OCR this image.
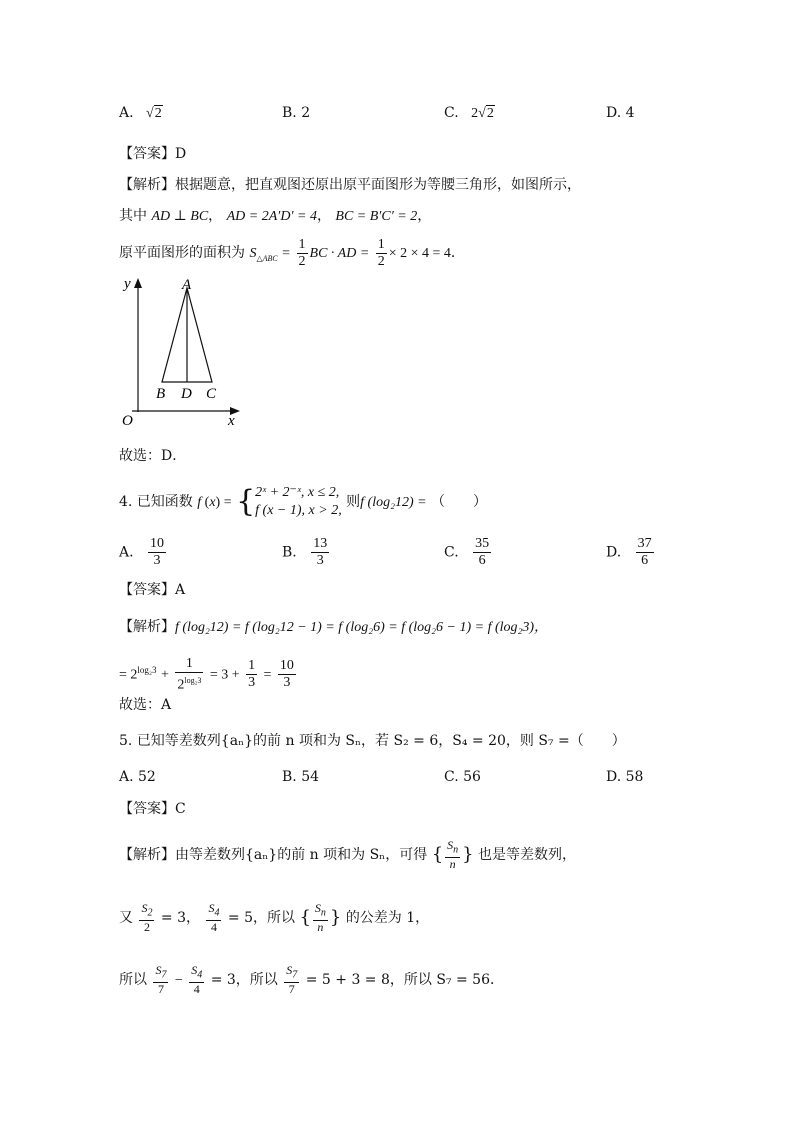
A. √2	B. 2	C. 2√2	D. 4
【答案】D
【解析】根据题意，把直观图还原出原平面图形为等腰三角形，如图所示，
其中 AD ⊥ BC， AD = 2A′D′ = 4， BC = B′C′ = 2，
原平面图形的面积为 $S_{\triangle ABC} = \frac{1}{2}$ BC · AD = $\frac{1}{2} \times 2 \times 4 = 4$．
y
x
O
A
B D C
故选：D．
4. 已知函数 f (x) = { 2ˣ + 2⁻ˣ, x ≤ 2,
f (x − 1), x > 2,
则f (log₂12) = （　　）
A. $\frac{10}{3}$	B. $\frac{13}{3}$	C. $\frac{35}{6}$	D. $\frac{37}{6}$
【答案】A
【解析】f (log₂12) = f (log₂12 − 1) = f (log₂6) = f (log₂6 − 1) = f (log₂3)，
= $2^{log_23} + \frac{1}{2^{log_23}} = 3 + \frac{1}{3} = \frac{10}{3}$
故选：A
5. 已知等差数列{aₙ}的前 n 项和为 Sₙ，若 S₂ = 6，S₄ = 20，则 S₇ =（　　）
A. 52	B. 54	C. 56	D. 58
【答案】C
【解析】由等差数列{aₙ}的前 n 项和为 Sₙ，可得 { $\frac{S_n}{n}$ } 也是等差数列，
又 $\frac{S_2}{2} = 3$， $\frac{S_4}{4} = 5$，所以 { $\frac{S_n}{n}$ } 的公差为 1，
所以 $\frac{S_7}{7} - \frac{S_4}{4} = 3$，所以 $\frac{S_7}{7} = 5 + 3 = 8$，所以 S₇ = 56．
